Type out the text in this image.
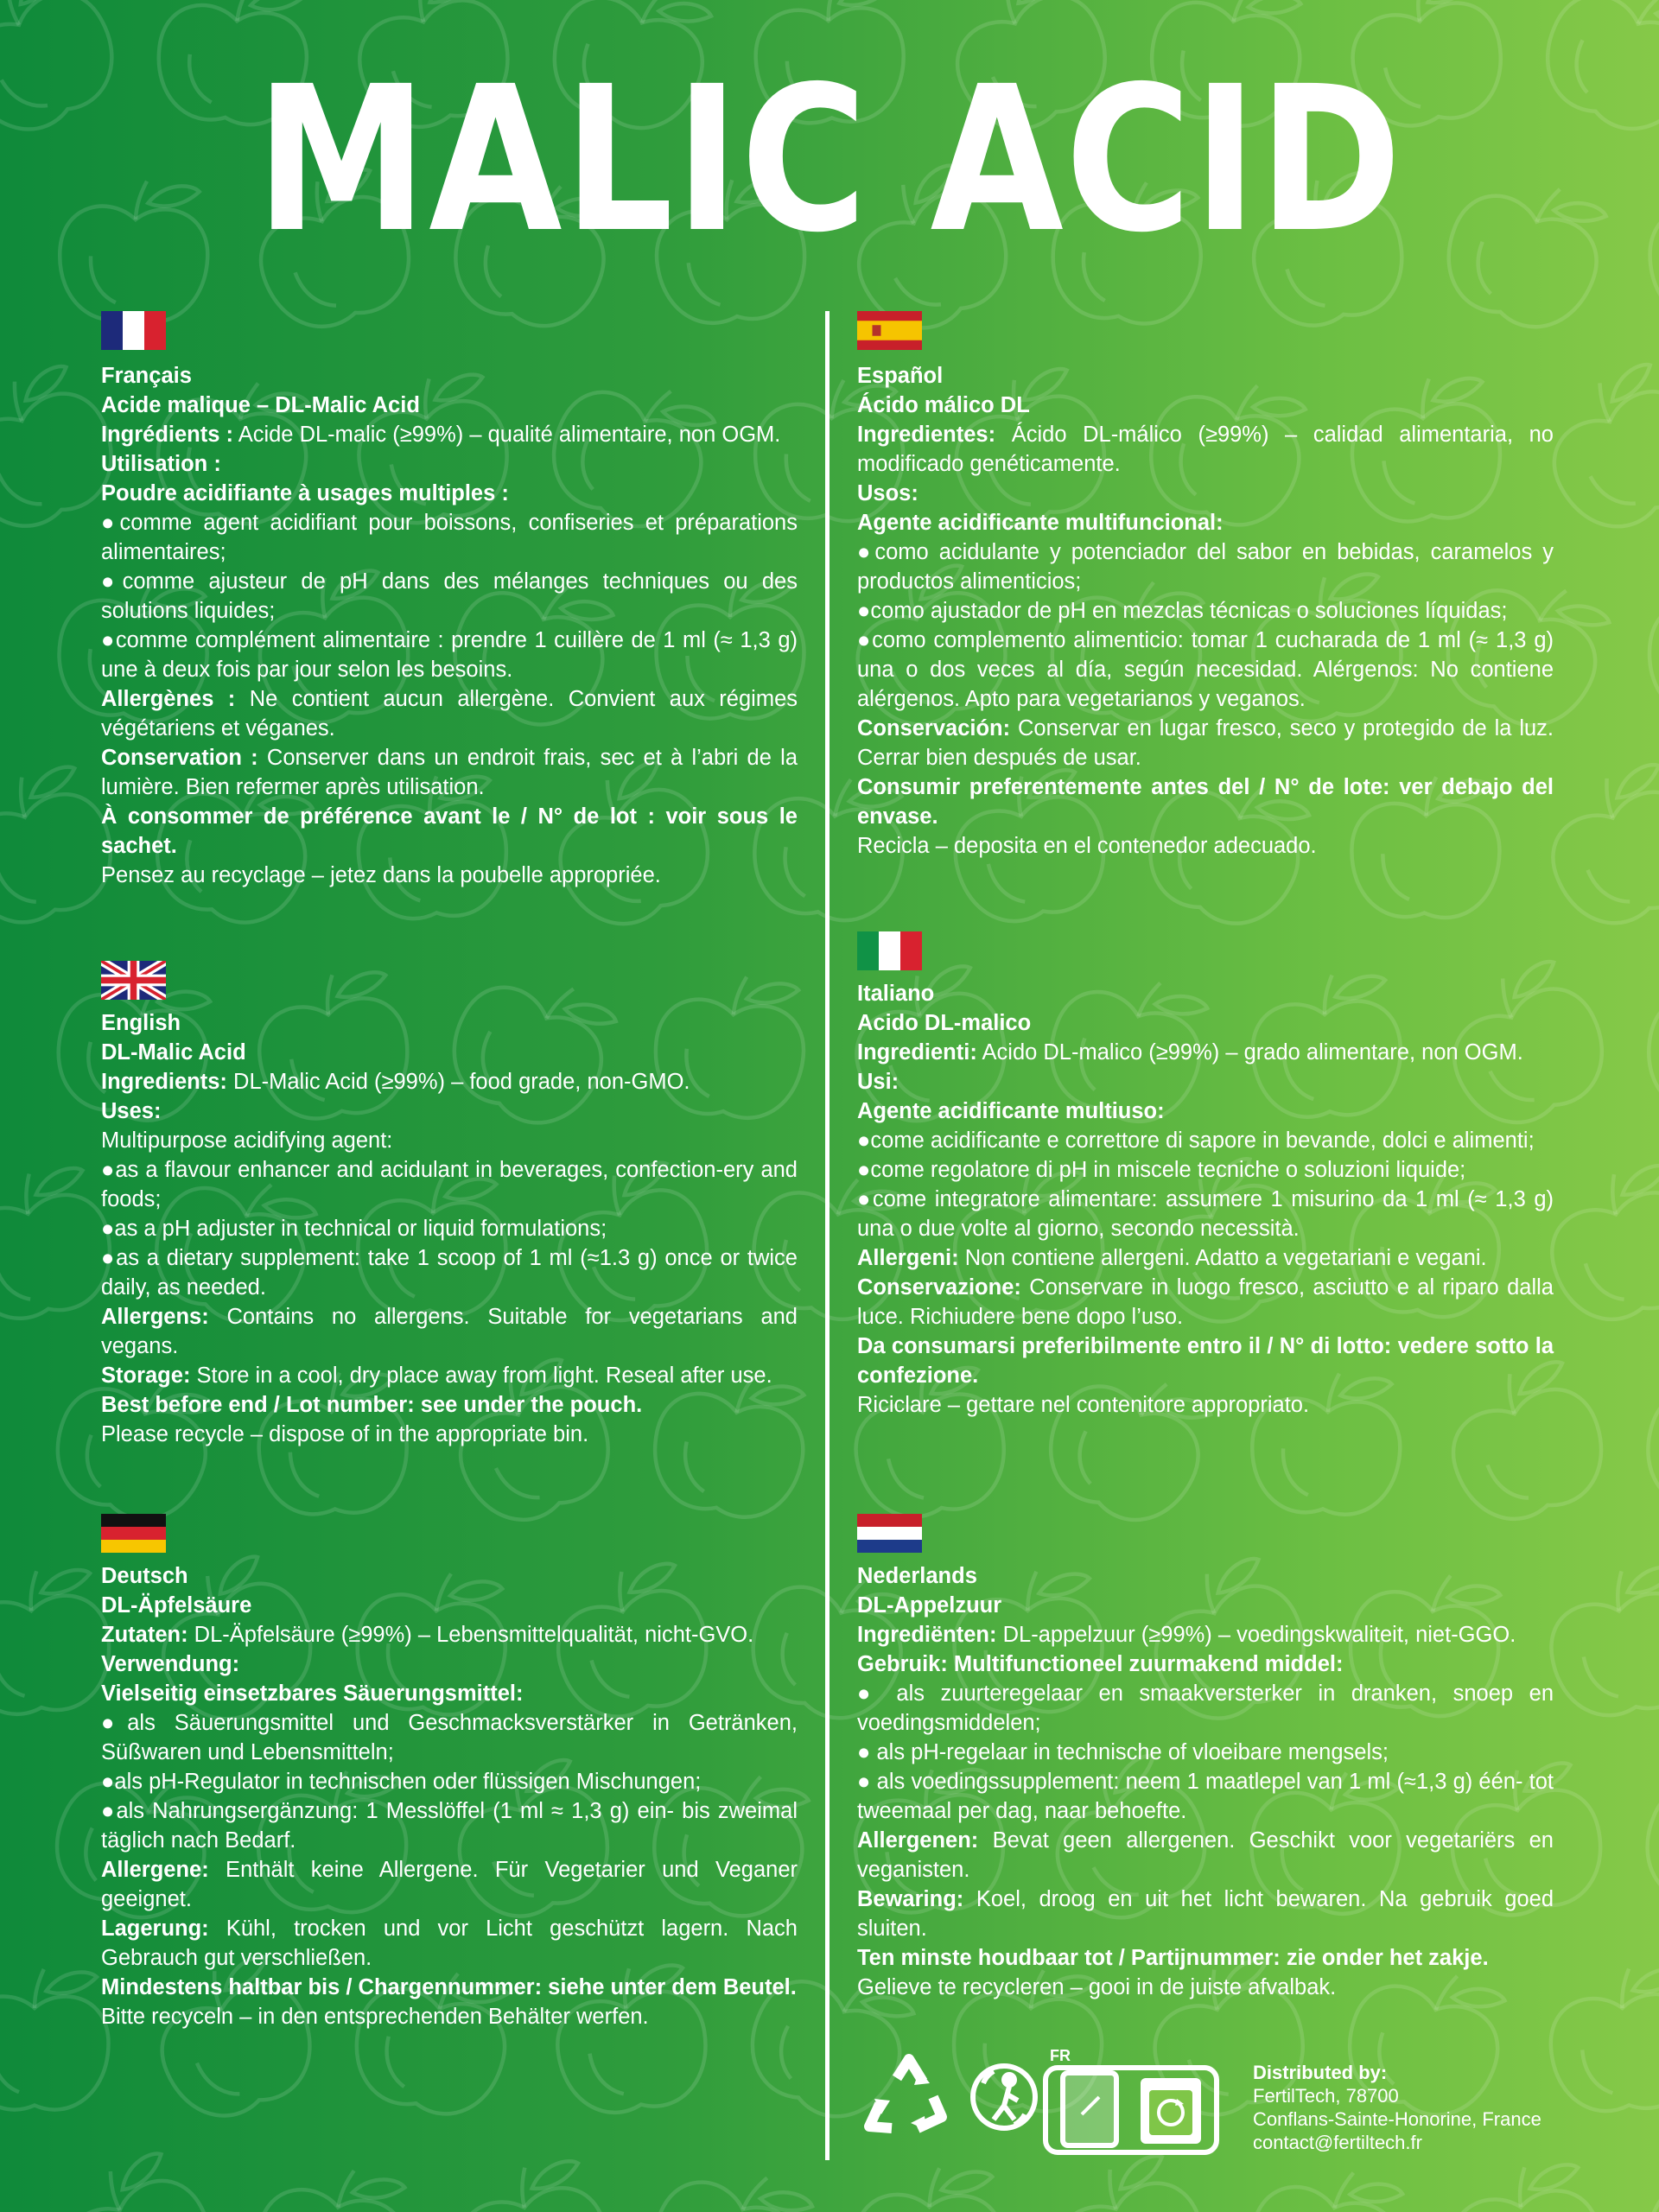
MALIC ACID
Français
Acide malique – DL-Malic Acid
Ingrédients : Acide DL-malic (≥99%) – qualité alimentaire, non OGM.
Utilisation :
Poudre acidifiante à usages multiples :
●comme agent acidifiant pour boissons, confiseries et préparations alimentaires;
●comme ajusteur de pH dans des mélanges techniques ou des solutions liquides;
●comme complément alimentaire : prendre 1 cuillère de 1 ml (≈ 1,3 g) une à deux fois par jour selon les besoins.
Allergènes : Ne contient aucun allergène. Convient aux régimes végétariens et véganes.
Conservation : Conserver dans un endroit frais, sec et à l’abri de la lumière. Bien refermer après utilisation.
À consommer de préférence avant le / N° de lot : voir sous le sachet.
Pensez au recyclage – jetez dans la poubelle appropriée.
English
DL-Malic Acid
Ingredients: DL-Malic Acid (≥99%) – food grade, non-GMO.
Uses:
Multipurpose acidifying agent:
●as a flavour enhancer and acidulant in beverages, confection-ery and foods;
●as a pH adjuster in technical or liquid formulations;
●as a dietary supplement: take 1 scoop of 1 ml (≈1.3 g) once or twice daily, as needed.
Allergens: Contains no allergens. Suitable for vegetarians and vegans.
Storage: Store in a cool, dry place away from light. Reseal after use.
Best before end / Lot number: see under the pouch.
Please recycle – dispose of in the appropriate bin.
Deutsch
DL-Äpfelsäure
Zutaten: DL-Äpfelsäure (≥99%) – Lebensmittelqualität, nicht-GVO.
Verwendung:
Vielseitig einsetzbares Säuerungsmittel:
●als Säuerungsmittel und Geschmacksverstärker in Getränken, Süßwaren und Lebensmitteln;
●als pH-Regulator in technischen oder flüssigen Mischungen;
●als Nahrungsergänzung: 1 Messlöffel (1 ml ≈ 1,3 g) ein- bis zweimal täglich nach Bedarf.
Allergene: Enthält keine Allergene. Für Vegetarier und Veganer geeignet.
Lagerung: Kühl, trocken und vor Licht geschützt lagern. Nach Gebrauch gut verschließen.
Mindestens haltbar bis / Chargennummer: siehe unter dem Beutel.
Bitte recyceln – in den entsprechenden Behälter werfen.
Español
Ácido málico DL
Ingredientes: Ácido DL-málico (≥99%) – calidad alimentaria, no modificado genéticamente.
Usos:
Agente acidificante multifuncional:
●como acidulante y potenciador del sabor en bebidas, caramelos y productos alimenticios;
●como ajustador de pH en mezclas técnicas o soluciones líquidas;
●como complemento alimenticio: tomar 1 cucharada de 1 ml (≈ 1,3 g) una o dos veces al día, según necesidad. Alérgenos: No contiene alérgenos. Apto para vegetarianos y veganos.
Conservación: Conservar en lugar fresco, seco y protegido de la luz. Cerrar bien después de usar.
Consumir preferentemente antes del / N° de lote: ver debajo del envase.
Recicla – deposita en el contenedor adecuado.
Italiano
Acido DL-malico
Ingredienti: Acido DL-malico (≥99%) – grado alimentare, non OGM.
Usi:
Agente acidificante multiuso:
●come acidificante e correttore di sapore in bevande, dolci e alimenti;
●come regolatore di pH in miscele tecniche o soluzioni liquide;
●come integratore alimentare: assumere 1 misurino da 1 ml (≈ 1,3 g) una o due volte al giorno, secondo necessità.
Allergeni: Non contiene allergeni. Adatto a vegetariani e vegani.
Conservazione: Conservare in luogo fresco, asciutto e al riparo dalla luce. Richiudere bene dopo l’uso.
Da consumarsi preferibilmente entro il / N° di lotto: vedere sotto la confezione.
Riciclare – gettare nel contenitore appropriato.
Nederlands
DL-Appelzuur
Ingrediënten: DL-appelzuur (≥99%) – voedingskwaliteit, niet-GGO.
Gebruik: Multifunctioneel zuurmakend middel:
● als zuurteregelaar en smaakversterker in dranken, snoep en voedingsmiddelen;
● als pH-regelaar in technische of vloeibare mengsels;
● als voedingssupplement: neem 1 maatlepel van 1 ml (≈1,3 g) één- tot tweemaal per dag, naar behoefte.
Allergenen: Bevat geen allergenen. Geschikt voor vegetariërs en veganisten.
Bewaring: Koel, droog en uit het licht bewaren. Na gebruik goed sluiten.
Ten minste houdbaar tot / Partijnummer: zie onder het zakje.
Gelieve te recycleren – gooi in de juiste afvalbak.
FR
Distributed by:
FertilTech, 78700
Conflans-Sainte-Honorine, France
contact@fertiltech.fr
